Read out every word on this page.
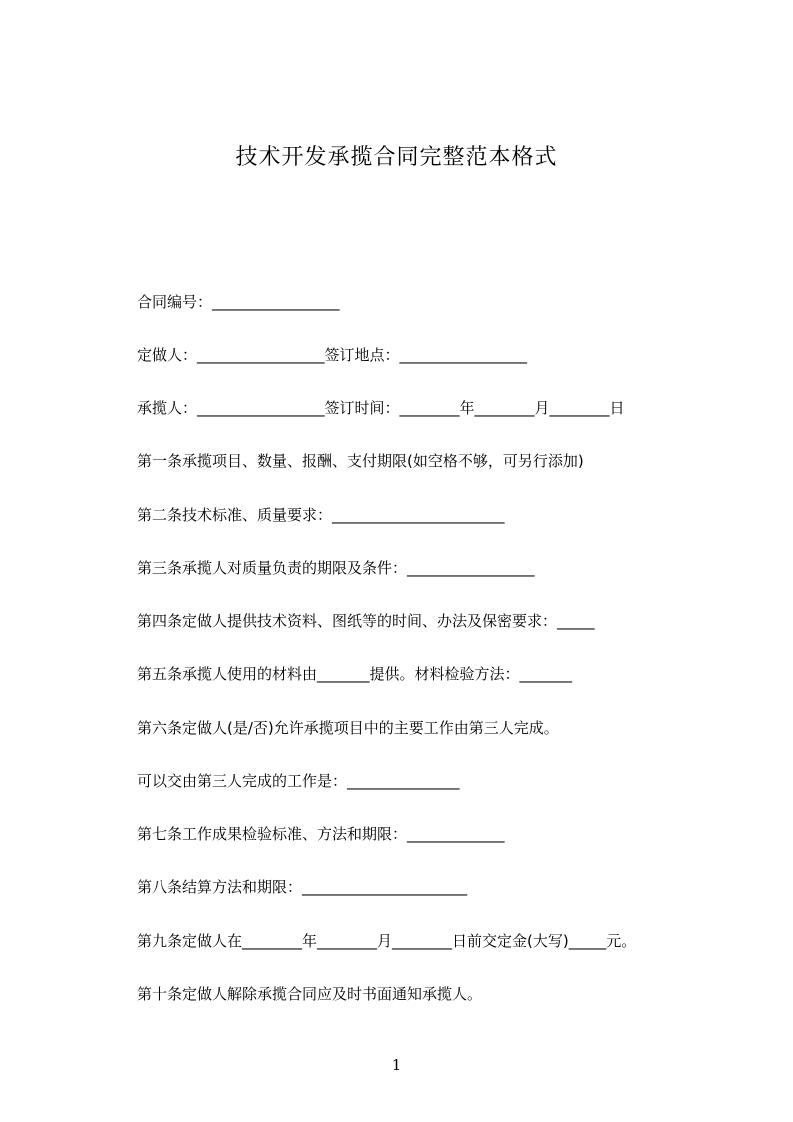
技术开发承揽合同完整范本格式
合同编号：_________________
定做人：_________________签订地点：_________________
承揽人：_________________签订时间：________年________月________日
第一条承揽项目、数量、报酬、支付期限(如空格不够，可另行添加)
第二条技术标准、质量要求：_______________________
第三条承揽人对质量负责的期限及条件：_________________
第四条定做人提供技术资料、图纸等的时间、办法及保密要求：_____
第五条承揽人使用的材料由_______提供。材料检验方法：_______
第六条定做人(是/否)允许承揽项目中的主要工作由第三人完成。
可以交由第三人完成的工作是：_______________
第七条工作成果检验标准、方法和期限：_____________
第八条结算方法和期限：______________________
第九条定做人在________年________月________日前交定金(大写)_____元。
第十条定做人解除承揽合同应及时书面通知承揽人。
1
